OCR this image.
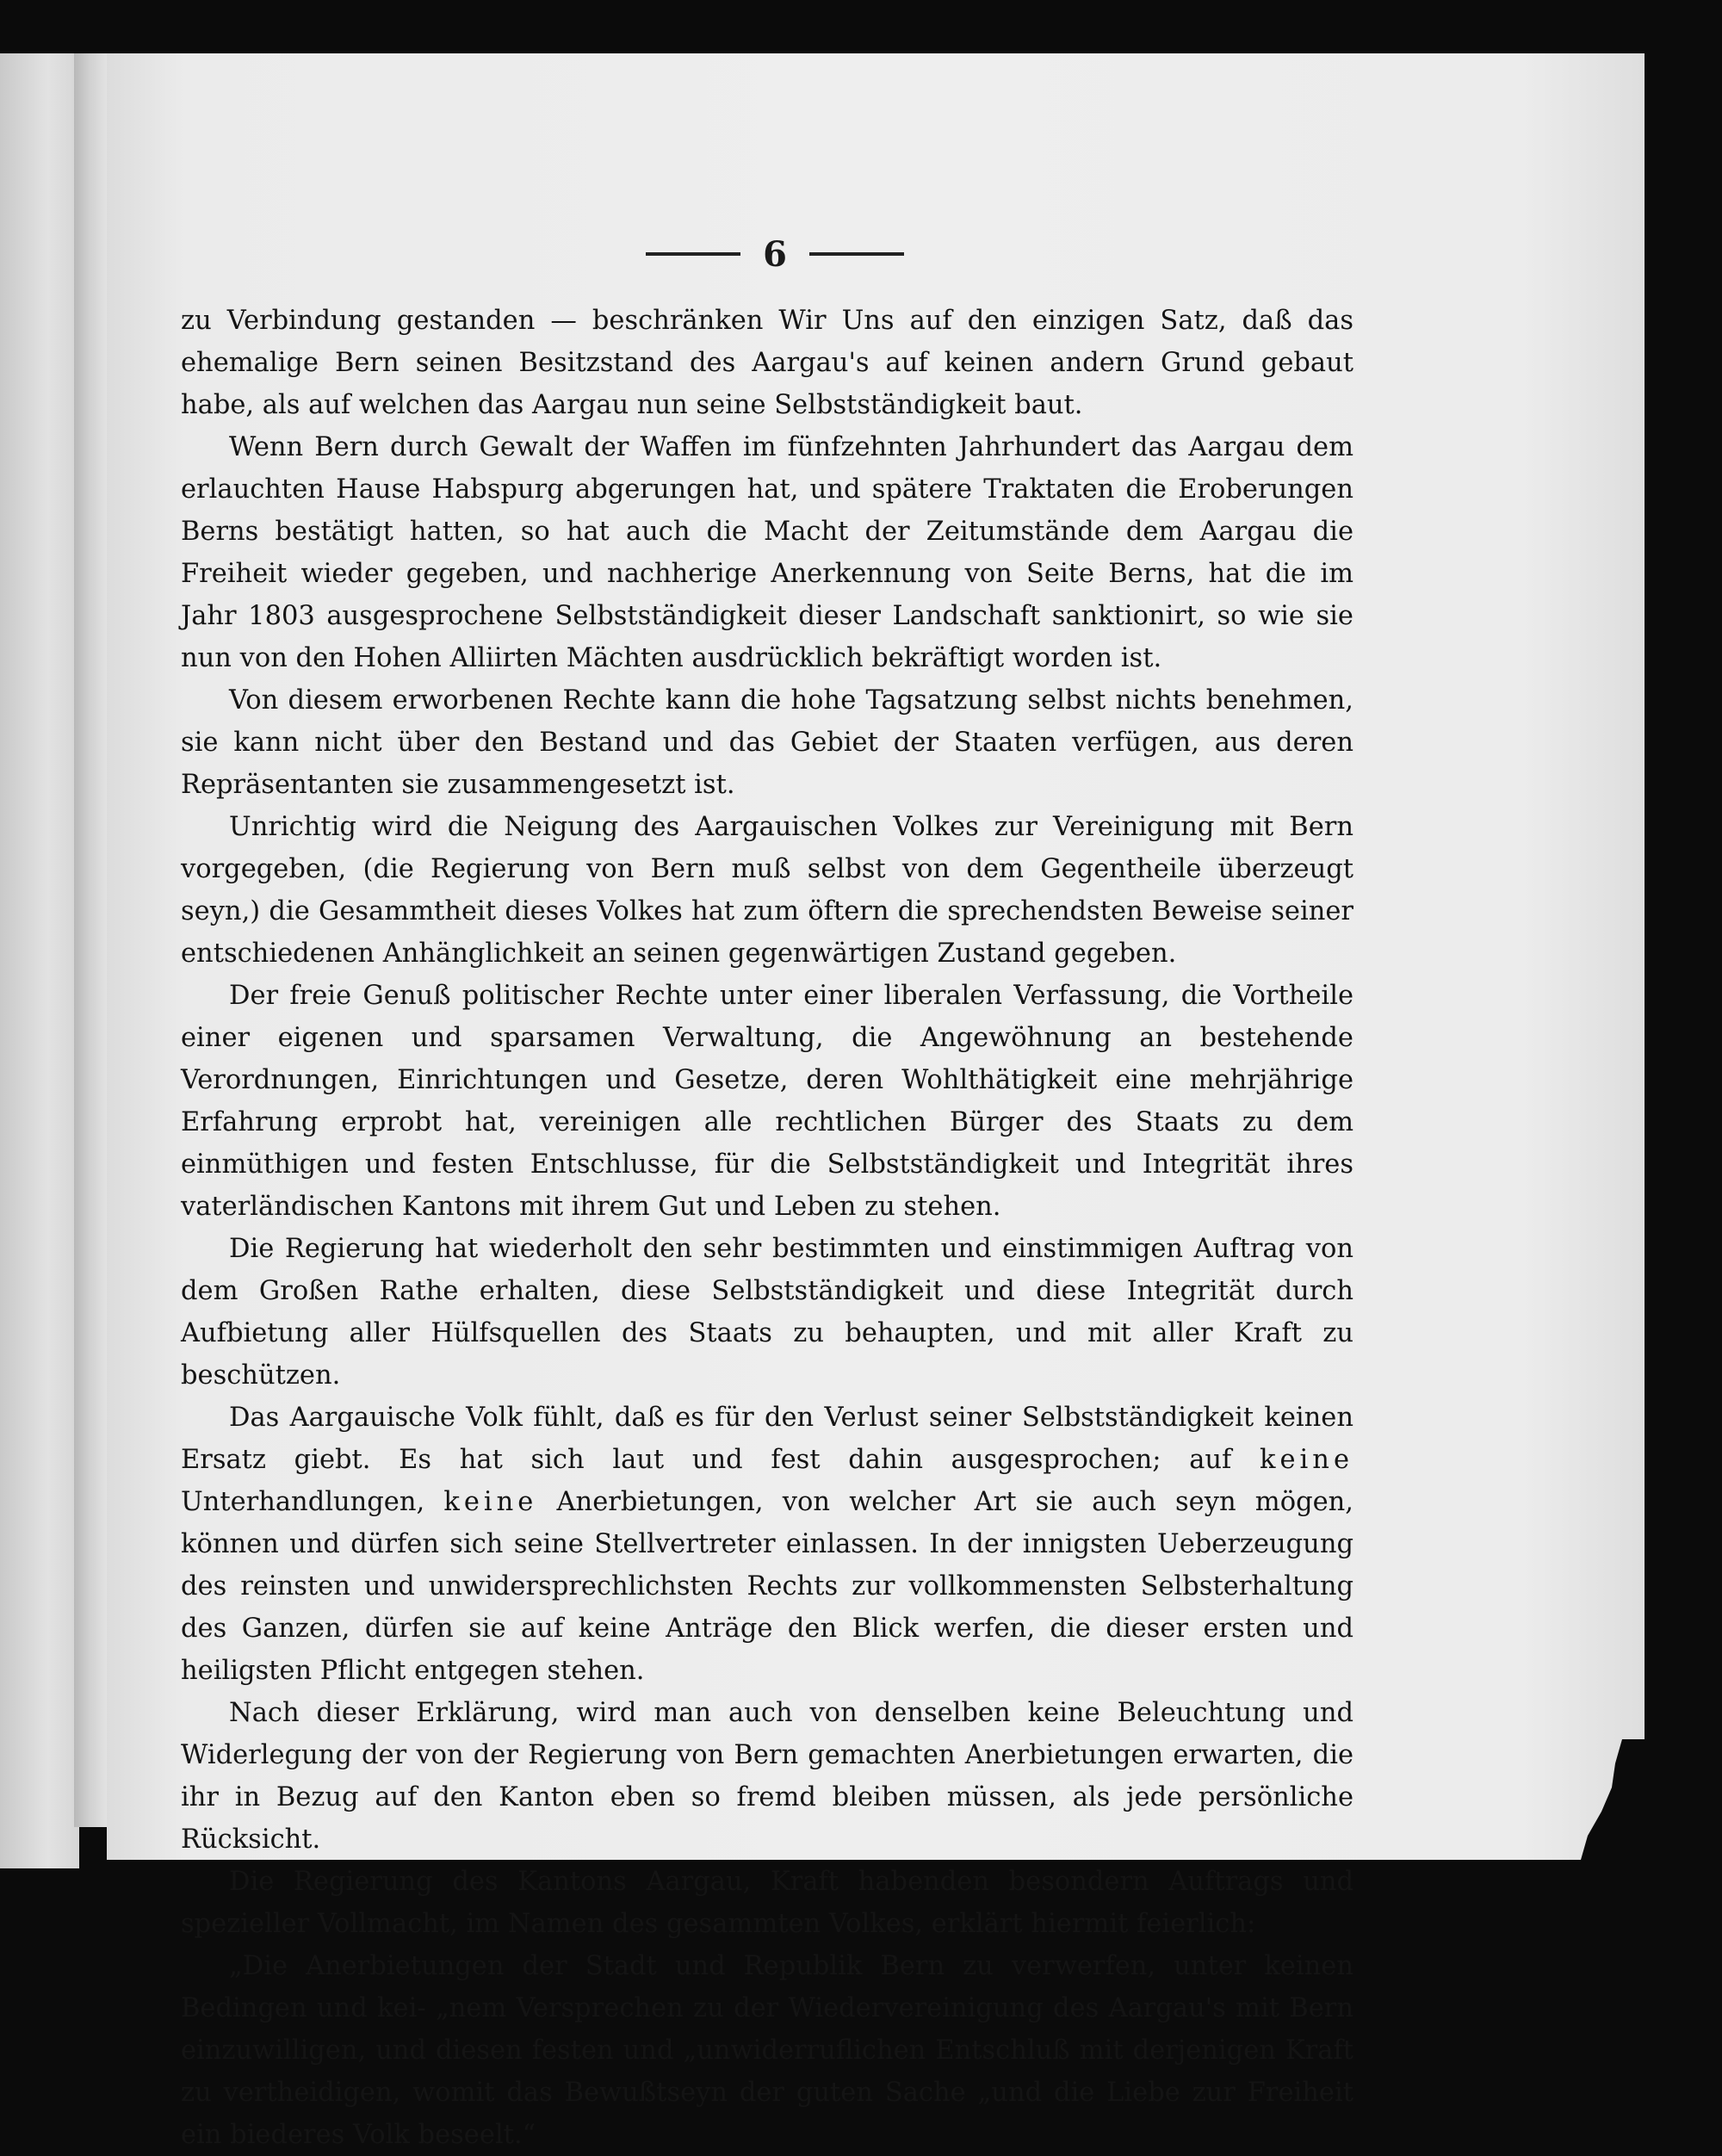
6

zu Verbindung gestanden — beschränken Wir Uns auf den einzigen Satz, daß das ehemalige Bern seinen Besitzstand des Aargau's auf keinen andern Grund gebaut habe, als auf welchen das Aargau nun seine Selbstständigkeit baut.

Wenn Bern durch Gewalt der Waffen im fünfzehnten Jahrhundert das Aargau dem erlauchten Hause Habspurg abgerungen hat, und spätere Traktaten die Eroberungen Berns bestätigt hatten, so hat auch die Macht der Zeitumstände dem Aargau die Freiheit wieder gegeben, und nachherige Anerkennung von Seite Berns, hat die im Jahr 1803 ausgesprochene Selbstständigkeit dieser Landschaft sanktionirt, so wie sie nun von den Hohen Alliirten Mächten ausdrücklich bekräftigt worden ist.

Von diesem erworbenen Rechte kann die hohe Tagsatzung selbst nichts benehmen, sie kann nicht über den Bestand und das Gebiet der Staaten verfügen, aus deren Repräsentanten sie zusammengesetzt ist.

Unrichtig wird die Neigung des Aargauischen Volkes zur Vereinigung mit Bern vorgegeben, (die Regierung von Bern muß selbst von dem Gegentheile überzeugt seyn,) die Gesammtheit dieses Volkes hat zum öftern die sprechendsten Beweise seiner entschiedenen Anhänglichkeit an seinen gegenwärtigen Zustand gegeben.

Der freie Genuß politischer Rechte unter einer liberalen Verfassung, die Vortheile einer eigenen und sparsamen Verwaltung, die Angewöhnung an bestehende Verordnungen, Einrichtungen und Gesetze, deren Wohlthätigkeit eine mehrjährige Erfahrung erprobt hat, vereinigen alle rechtlichen Bürger des Staats zu dem einmüthigen und festen Entschlusse, für die Selbstständigkeit und Integrität ihres vaterländischen Kantons mit ihrem Gut und Leben zu stehen.

Die Regierung hat wiederholt den sehr bestimmten und einstimmigen Auftrag von dem Großen Rathe erhalten, diese Selbstständigkeit und diese Integrität durch Aufbietung aller Hülfsquellen des Staats zu behaupten, und mit aller Kraft zu beschützen.

Das Aargauische Volk fühlt, daß es für den Verlust seiner Selbstständigkeit keinen Ersatz giebt. Es hat sich laut und fest dahin ausgesprochen; auf keine Unterhandlungen, keine Anerbietungen, von welcher Art sie auch seyn mögen, können und dürfen sich seine Stellvertreter einlassen. In der innigsten Ueberzeugung des reinsten und unwidersprechlichsten Rechts zur vollkommensten Selbsterhaltung des Ganzen, dürfen sie auf keine Anträge den Blick werfen, die dieser ersten und heiligsten Pflicht entgegen stehen.

Nach dieser Erklärung, wird man auch von denselben keine Beleuchtung und Widerlegung der von der Regierung von Bern gemachten Anerbietungen erwarten, die ihr in Bezug auf den Kanton eben so fremd bleiben müssen, als jede persönliche Rücksicht.

Die Regierung des Kantons Aargau, Kraft habenden besondern Auftrags und spezieller Vollmacht, im Namen des gesammten Volkes, erklärt hiermit feierlich:

„Die Anerbietungen der Stadt und Republik Bern zu verwerfen, unter keinen Bedingen und kei- „nem Versprechen zu der Wiedervereinigung des Aargau's mit Bern einzuwilligen, und diesen festen und „unwiderruflichen Entschluß mit derjenigen Kraft zu vertheidigen, womit das Bewußtseyn der guten Sache „und die Liebe zur Freiheit ein biederes Volk beseelt.“
